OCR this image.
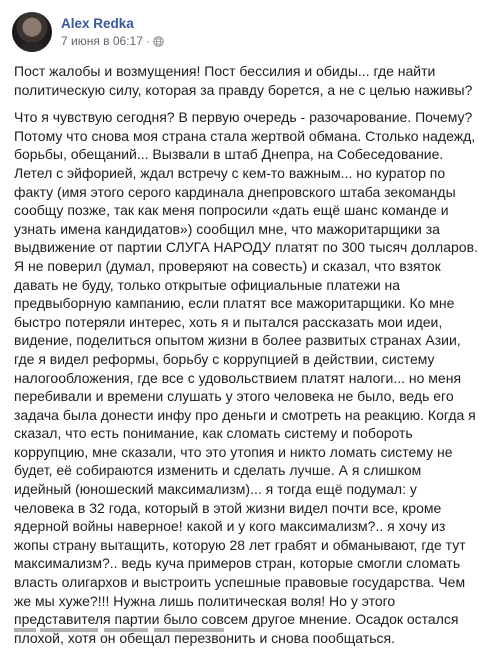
Alex Redka
7 июня в 06:17 ·

Пост жалобы и возмущения! Пост бессилия и обиды... где найти политическую силу, которая за правду борется, а не с целью наживы?

Что я чувствую сегодня? В первую очередь - разочарование. Почему? Потому что снова моя страна стала жертвой обмана. Столько надежд, борьбы, обещаний... Вызвали в штаб Днепра, на Собеседование. Летел с эйфорией, ждал встречу с кем-то важным... но куратор по факту (имя этого серого кардинала днепровского штаба зекоманды сообщу позже, так как меня попросили «дать ещё шанс команде и узнать имена кандидатов») сообщил мне, что мажоритарщики за выдвижение от партии СЛУГА НАРОДУ платят по 300 тысяч долларов. Я не поверил (думал, проверяют на совесть) и сказал, что взяток давать не буду, только открытые официальные платежи на предвыборную кампанию, если платят все мажоритарщики. Ко мне быстро потеряли интерес, хоть я и пытался рассказать мои идеи, видение, поделиться опытом жизни в более развитых странах Азии, где я видел реформы, борьбу с коррупцией в действии, систему налогообложения, где все с удовольствием платят налоги... но меня перебивали и времени слушать у этого человека не было, ведь его задача была донести инфу про деньги и смотреть на реакцию. Когда я сказал, что есть понимание, как сломать систему и побороть коррупцию, мне сказали, что это утопия и никто ломать систему не будет, её собираются изменить и сделать лучше. А я слишком идейный (юношеский максимализм)... я тогда ещё подумал: у человека в 32 года, который в этой жизни видел почти все, кроме ядерной войны наверное! какой и у кого максимализм?.. я хочу из жопы страну вытащить, которую 28 лет грабят и обманывают, где тут максимализм?.. ведь куча примеров стран, которые смогли сломать власть олигархов и выстроить успешные правовые государства. Чем же мы хуже?!!! Нужна лишь политическая воля! Но у этого представителя партии было совсем другое мнение. Осадок остался плохой, хотя он обещал перезвонить и снова пообщаться.
